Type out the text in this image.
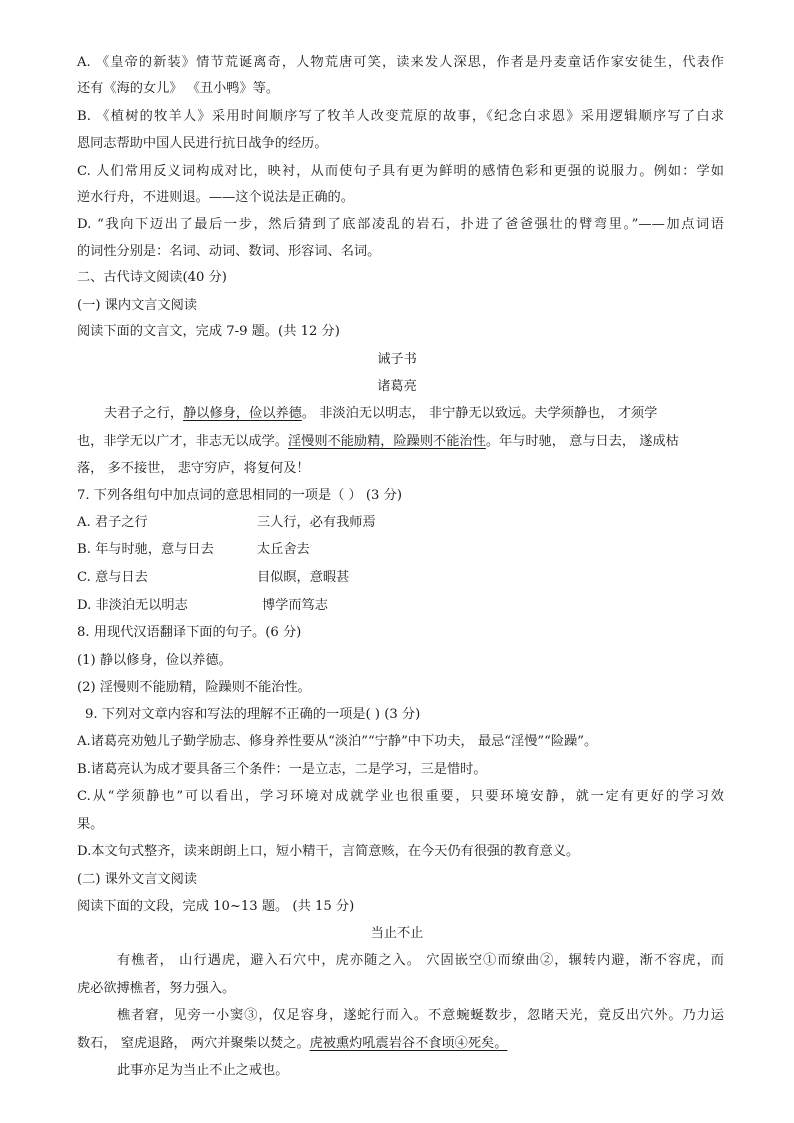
A. 《皇帝的新装》情节荒诞离奇，人物荒唐可笑，读来发人深思，作者是丹麦童话作家安徒生，代表作
还有《海的女儿》 《丑小鸭》等。
B. 《植树的牧羊人》采用时间顺序写了牧羊人改变荒原的故事，《纪念白求恩》采用逻辑顺序写了白求
恩同志帮助中国人民进行抗日战争的经历。
C. 人们常用反义词构成对比，映衬，从而使句子具有更为鲜明的感情色彩和更强的说服力。例如：学如
逆水行舟，不进则退。——这个说法是正确的。
D. “我向下迈出了最后一步，然后猜到了底部凌乱的岩石，扑进了爸爸强壮的臂弯里。”——加点词语
的词性分别是：名词、动词、数词、形容词、名词。
二、古代诗文阅读(40 分)
(一) 课内文言文阅读
阅读下面的文言文，完成 7-9 题。(共 12 分)
诫子书
诸葛亮
夫君子之行，静以修身，俭以养德。 非淡泊无以明志， 非宁静无以致远。夫学须静也， 才须学
也，非学无以广才，非志无以成学。淫慢则不能励精，险躁则不能治性。年与时驰， 意与日去， 遂成枯
落， 多不接世， 悲守穷庐，将复何及！
7. 下列各组句中加点词的意思相同的一项是（ ） (3 分)
A. 君子之行	三人行，必有我师焉
B. 年与时驰，意与日去	太丘舍去
C. 意与日去	目似瞑，意暇甚
D. 非淡泊无以明志	博学而笃志
8. 用现代汉语翻译下面的句子。(6 分)
(1) 静以修身，俭以养德。
(2) 淫慢则不能励精，险躁则不能治性。
9. 下列对文章内容和写法的理解不正确的一项是( ) (3 分)
A.诸葛亮劝勉儿子勤学励志、修身养性要从“淡泊”“宁静”中下功夫， 最忌“淫慢”“险躁”。
B.诸葛亮认为成才要具备三个条件：一是立志，二是学习，三是惜时。
C.从“学须静也”可以看出，学习环境对成就学业也很重要，只要环境安静，就一定有更好的学习效
果。
D.本文句式整齐，读来朗朗上口，短小精干，言简意赅，在今天仍有很强的教育意义。
(二) 课外文言文阅读
阅读下面的文段，完成 10~13 题。 (共 15 分)
当止不止
有樵者， 山行遇虎，避入石穴中，虎亦随之入。 穴固嵌空①而缭曲②，辗转内避，渐不容虎，而
虎必欲搏樵者，努力强入。
樵者窘，见旁一小窦③，仅足容身，遂蛇行而入。不意蜿蜒数步，忽睹天光，竟反出穴外。乃力运
数石， 窒虎退路， 两穴并聚柴以焚之。虎被熏灼吼震岩谷不食顷④死矣。
此事亦足为当止不止之戒也。
